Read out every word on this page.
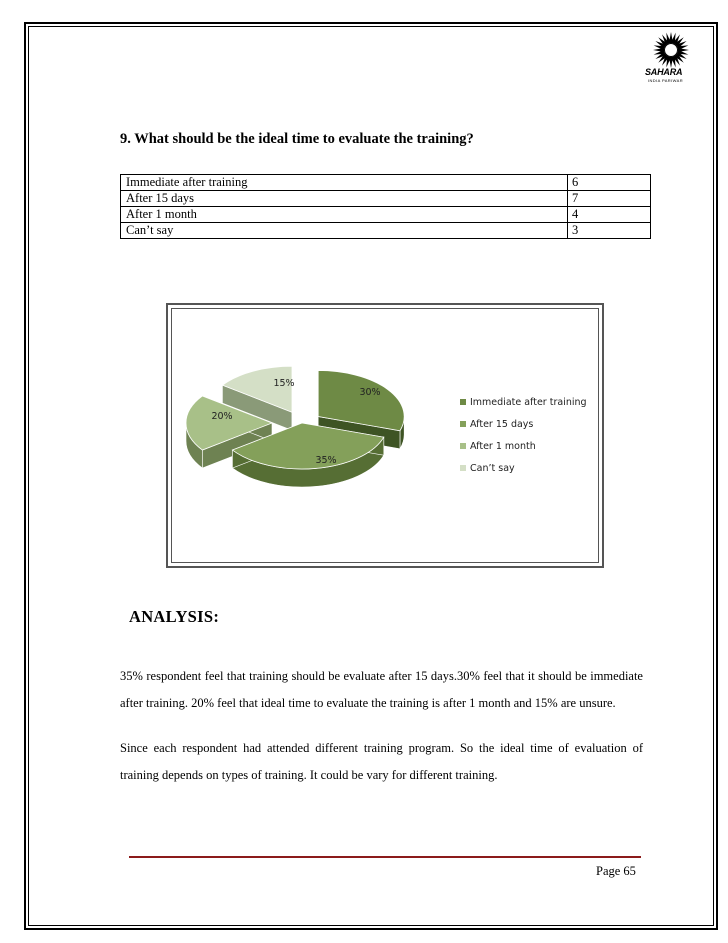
SAHARA
INDIA PARIWAR
9. What should be the ideal time to evaluate the training?
Immediate after training	6
After 15 days	7
After 1 month	4
Can’t say	3
30%
35%
20%
15%
Immediate after training
After 15 days
After 1 month
Can’t say
ANALYSIS:
35% respondent feel that training should be evaluate after 15 days.30% feel that it should be immediate after training. 20% feel that ideal time to evaluate the training is after 1 month and 15% are unsure.
Since each respondent had attended different training program. So the ideal time of evaluation of training depends on types of training. It could be vary for different training.
Page 65
